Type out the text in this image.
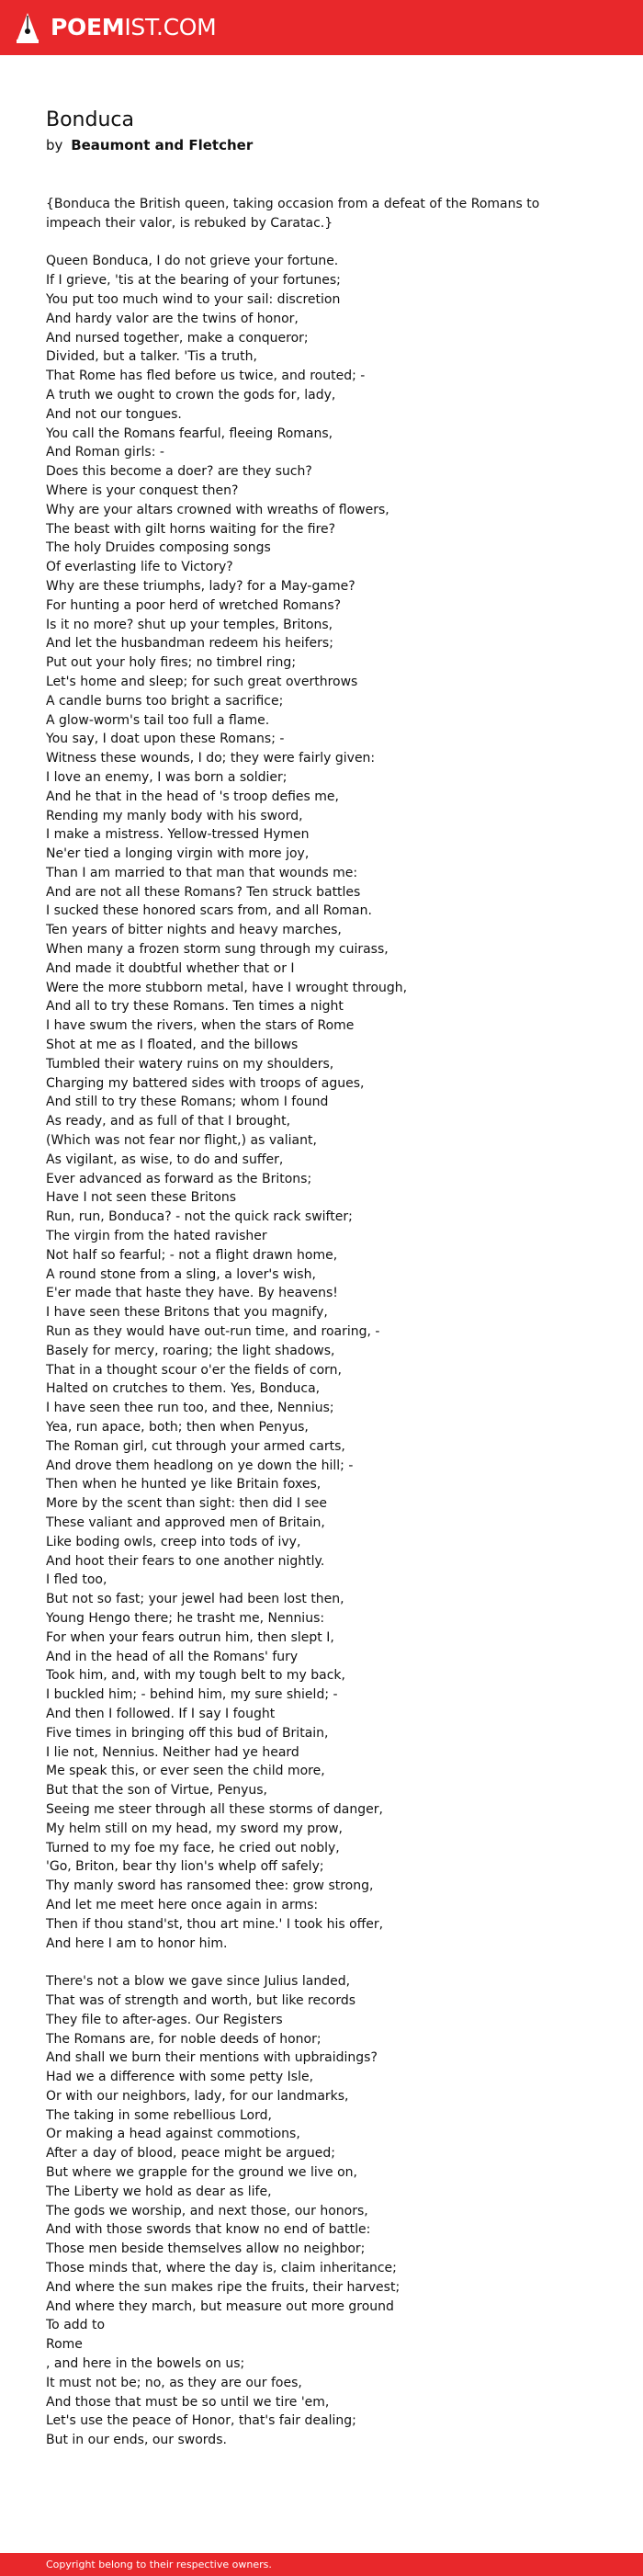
POEMIST.COM
Bonduca
by Beaumont and Fletcher
{Bonduca the British queen, taking occasion from a defeat of the Romans to
impeach their valor, is rebuked by Caratac.}
Queen Bonduca, I do not grieve your fortune.
If I grieve, 'tis at the bearing of your fortunes;
You put too much wind to your sail: discretion
And hardy valor are the twins of honor,
And nursed together, make a conqueror;
Divided, but a talker. 'Tis a truth,
That Rome has fled before us twice, and routed; -
A truth we ought to crown the gods for, lady,
And not our tongues.
You call the Romans fearful, fleeing Romans,
And Roman girls: -
Does this become a doer? are they such?
Where is your conquest then?
Why are your altars crowned with wreaths of flowers,
The beast with gilt horns waiting for the fire?
The holy Druides composing songs
Of everlasting life to Victory?
Why are these triumphs, lady? for a May-game?
For hunting a poor herd of wretched Romans?
Is it no more? shut up your temples, Britons,
And let the husbandman redeem his heifers;
Put out your holy fires; no timbrel ring;
Let's home and sleep; for such great overthrows
A candle burns too bright a sacrifice;
A glow-worm's tail too full a flame.
You say, I doat upon these Romans; -
Witness these wounds, I do; they were fairly given:
I love an enemy, I was born a soldier;
And he that in the head of 's troop defies me,
Rending my manly body with his sword,
I make a mistress. Yellow-tressed Hymen
Ne'er tied a longing virgin with more joy,
Than I am married to that man that wounds me:
And are not all these Romans? Ten struck battles
I sucked these honored scars from, and all Roman.
Ten years of bitter nights and heavy marches,
When many a frozen storm sung through my cuirass,
And made it doubtful whether that or I
Were the more stubborn metal, have I wrought through,
And all to try these Romans. Ten times a night
I have swum the rivers, when the stars of Rome
Shot at me as I floated, and the billows
Tumbled their watery ruins on my shoulders,
Charging my battered sides with troops of agues,
And still to try these Romans; whom I found
As ready, and as full of that I brought,
(Which was not fear nor flight,) as valiant,
As vigilant, as wise, to do and suffer,
Ever advanced as forward as the Britons;
Have I not seen these Britons
Run, run, Bonduca? - not the quick rack swifter;
The virgin from the hated ravisher
Not half so fearful; - not a flight drawn home,
A round stone from a sling, a lover's wish,
E'er made that haste they have. By heavens!
I have seen these Britons that you magnify,
Run as they would have out-run time, and roaring, -
Basely for mercy, roaring; the light shadows,
That in a thought scour o'er the fields of corn,
Halted on crutches to them. Yes, Bonduca,
I have seen thee run too, and thee, Nennius;
Yea, run apace, both; then when Penyus,
The Roman girl, cut through your armed carts,
And drove them headlong on ye down the hill; -
Then when he hunted ye like Britain foxes,
More by the scent than sight: then did I see
These valiant and approved men of Britain,
Like boding owls, creep into tods of ivy,
And hoot their fears to one another nightly.
I fled too,
But not so fast; your jewel had been lost then,
Young Hengo there; he trasht me, Nennius:
For when your fears outrun him, then slept I,
And in the head of all the Romans' fury
Took him, and, with my tough belt to my back,
I buckled him; - behind him, my sure shield; -
And then I followed. If I say I fought
Five times in bringing off this bud of Britain,
I lie not, Nennius. Neither had ye heard
Me speak this, or ever seen the child more,
But that the son of Virtue, Penyus,
Seeing me steer through all these storms of danger,
My helm still on my head, my sword my prow,
Turned to my foe my face, he cried out nobly,
'Go, Briton, bear thy lion's whelp off safely;
Thy manly sword has ransomed thee: grow strong,
And let me meet here once again in arms:
Then if thou stand'st, thou art mine.' I took his offer,
And here I am to honor him.
There's not a blow we gave since Julius landed,
That was of strength and worth, but like records
They file to after-ages. Our Registers
The Romans are, for noble deeds of honor;
And shall we burn their mentions with upbraidings?
Had we a difference with some petty Isle,
Or with our neighbors, lady, for our landmarks,
The taking in some rebellious Lord,
Or making a head against commotions,
After a day of blood, peace might be argued;
But where we grapple for the ground we live on,
The Liberty we hold as dear as life,
The gods we worship, and next those, our honors,
And with those swords that know no end of battle:
Those men beside themselves allow no neighbor;
Those minds that, where the day is, claim inheritance;
And where the sun makes ripe the fruits, their harvest;
And where they march, but measure out more ground
To add to
Rome
, and here in the bowels on us;
It must not be; no, as they are our foes,
And those that must be so until we tire 'em,
Let's use the peace of Honor, that's fair dealing;
But in our ends, our swords.
Copyright belong to their respective owners.
